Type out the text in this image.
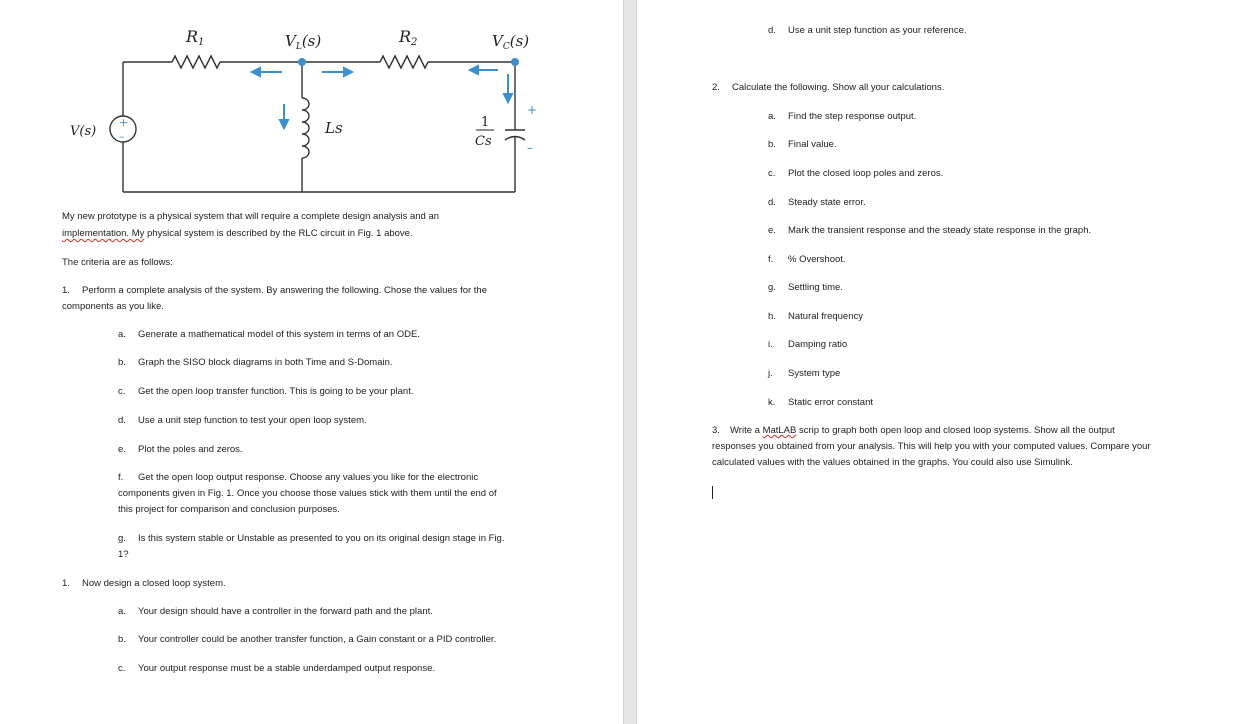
+
–
+
–
R1	$V_L(s)$	R2	$V_C(s)$
V(s)	Ls	1
Cs
My new prototype is a physical system that will require a complete design analysis and an
implementation. My physical system is described by the RLC circuit in Fig. 1 above.
The criteria are as follows:
1. Perform a complete analysis of the system. By answering the following. Chose the values for the
components as you like.
a. Generate a mathematical model of this system in terms of an ODE.
b. Graph the SISO block diagrams in both Time and S-Domain.
c. Get the open loop transfer function. This is going to be your plant.
d. Use a unit step function to test your open loop system.
e. Plot the poles and zeros.
f. Get the open loop output response. Choose any values you like for the electronic
components given in Fig. 1. Once you choose those values stick with them until the end of
this project for comparison and conclusion purposes.
g. Is this system stable or Unstable as presented to you on its original design stage in Fig.
1?
1. Now design a closed loop system.
a. Your design should have a controller in the forward path and the plant.
b. Your controller could be another transfer function, a Gain constant or a PID controller.
c. Your output response must be a stable underdamped output response.
d. Use a unit step function as your reference.
2. Calculate the following. Show all your calculations.
a. Find the step response output.
b. Final value.
c. Plot the closed loop poles and zeros.
d. Steady state error.
e. Mark the transient response and the steady state response in the graph.
f. % Overshoot.
g. Settling time.
h. Natural frequency
i. Damping ratio
j. System type
k. Static error constant
3. Write a MatLAB scrip to graph both open loop and closed loop systems. Show all the output
responses you obtained from your analysis. This will help you with your computed values. Compare your
calculated values with the values obtained in the graphs. You could also use Simulink.
